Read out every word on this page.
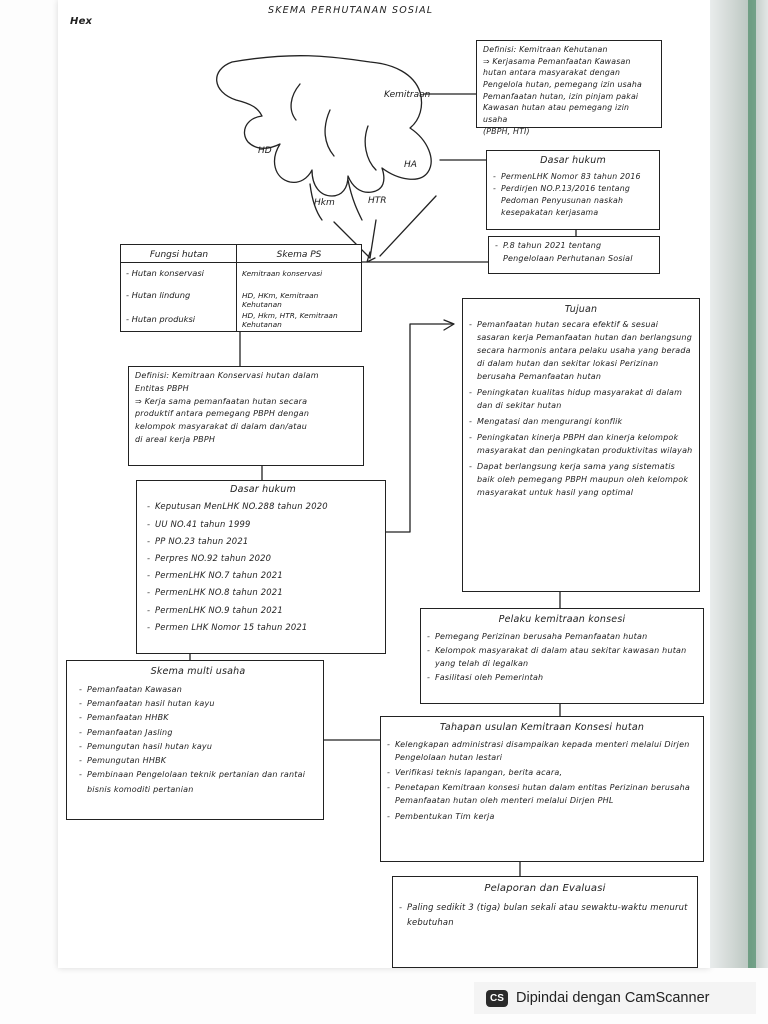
Hex
SKEMA PERHUTANAN SOSIAL
Kemitraan
HD
Hkm	HTR
HA
Definisi: Kemitraan Kehutanan
⇒ Kerjasama Pemanfaatan Kawasan
hutan antara masyarakat dengan
Pengelola hutan, pemegang izin usaha
Pemanfaatan hutan, izin pinjam pakai
Kawasan hutan atau pemegang izin usaha
(PBPH, HTI)
Dasar hukum
- PermenLHK Nomor 83 tahun 2016
- Perdirjen NO.P.13/2016 tentang Pedoman Penyusunan naskah kesepakatan kerjasama
- P.8 tahun 2021 tentang Pengelolaan Perhutanan Sosial
Fungsi hutan	Skema PS
- Hutan konservasi
- Hutan lindung
- Hutan produksi
Kemitraan konservasi
HD, HKm, Kemitraan Kehutanan
HD, Hkm, HTR, Kemitraan Kehutanan
Definisi: Kemitraan Konservasi hutan dalam
Entitas PBPH
⇒ Kerja sama pemanfaatan hutan secara
produktif antara pemegang PBPH dengan
kelompok masyarakat di dalam dan/atau
di areal kerja PBPH
Dasar hukum
- Keputusan MenLHK NO.288 tahun 2020
- UU NO.41 tahun 1999
- PP NO.23 tahun 2021
- Perpres NO.92 tahun 2020
- PermenLHK NO.7 tahun 2021
- PermenLHK NO.8 tahun 2021
- PermenLHK NO.9 tahun 2021
- Permen LHK Nomor 15 tahun 2021
Tujuan
- Pemanfaatan hutan secara efektif & sesuai sasaran kerja Pemanfaatan hutan dan berlangsung secara harmonis antara pelaku usaha yang berada di dalam hutan dan sekitar lokasi Perizinan berusaha Pemanfaatan hutan
- Peningkatan kualitas hidup masyarakat di dalam dan di sekitar hutan
- Mengatasi dan mengurangi konflik
- Peningkatan kinerja PBPH dan kinerja kelompok masyarakat dan peningkatan produktivitas wilayah
- Dapat berlangsung kerja sama yang sistematis baik oleh pemegang PBPH maupun oleh kelompok masyarakat untuk hasil yang optimal
Pelaku kemitraan konsesi
- Pemegang Perizinan berusaha Pemanfaatan hutan
- Kelompok masyarakat di dalam atau sekitar kawasan hutan yang telah di legalkan
- Fasilitasi oleh Pemerintah
Skema multi usaha
- Pemanfaatan Kawasan
- Pemanfaatan hasil hutan kayu
- Pemanfaatan HHBK
- Pemanfaatan Jasling
- Pemungutan hasil hutan kayu
- Pemungutan HHBK
- Pembinaan Pengelolaan teknik pertanian dan rantai bisnis komoditi pertanian
Tahapan usulan Kemitraan Konsesi hutan
- Kelengkapan administrasi disampaikan kepada menteri melalui Dirjen Pengelolaan hutan lestari
- Verifikasi teknis lapangan, berita acara,
- Penetapan Kemitraan konsesi hutan dalam entitas Perizinan berusaha Pemanfaatan hutan oleh menteri melalui Dirjen PHL
- Pembentukan Tim kerja
Pelaporan dan Evaluasi
- Paling sedikit 3 (tiga) bulan sekali atau sewaktu-waktu menurut kebutuhan
CS Dipindai dengan CamScanner
